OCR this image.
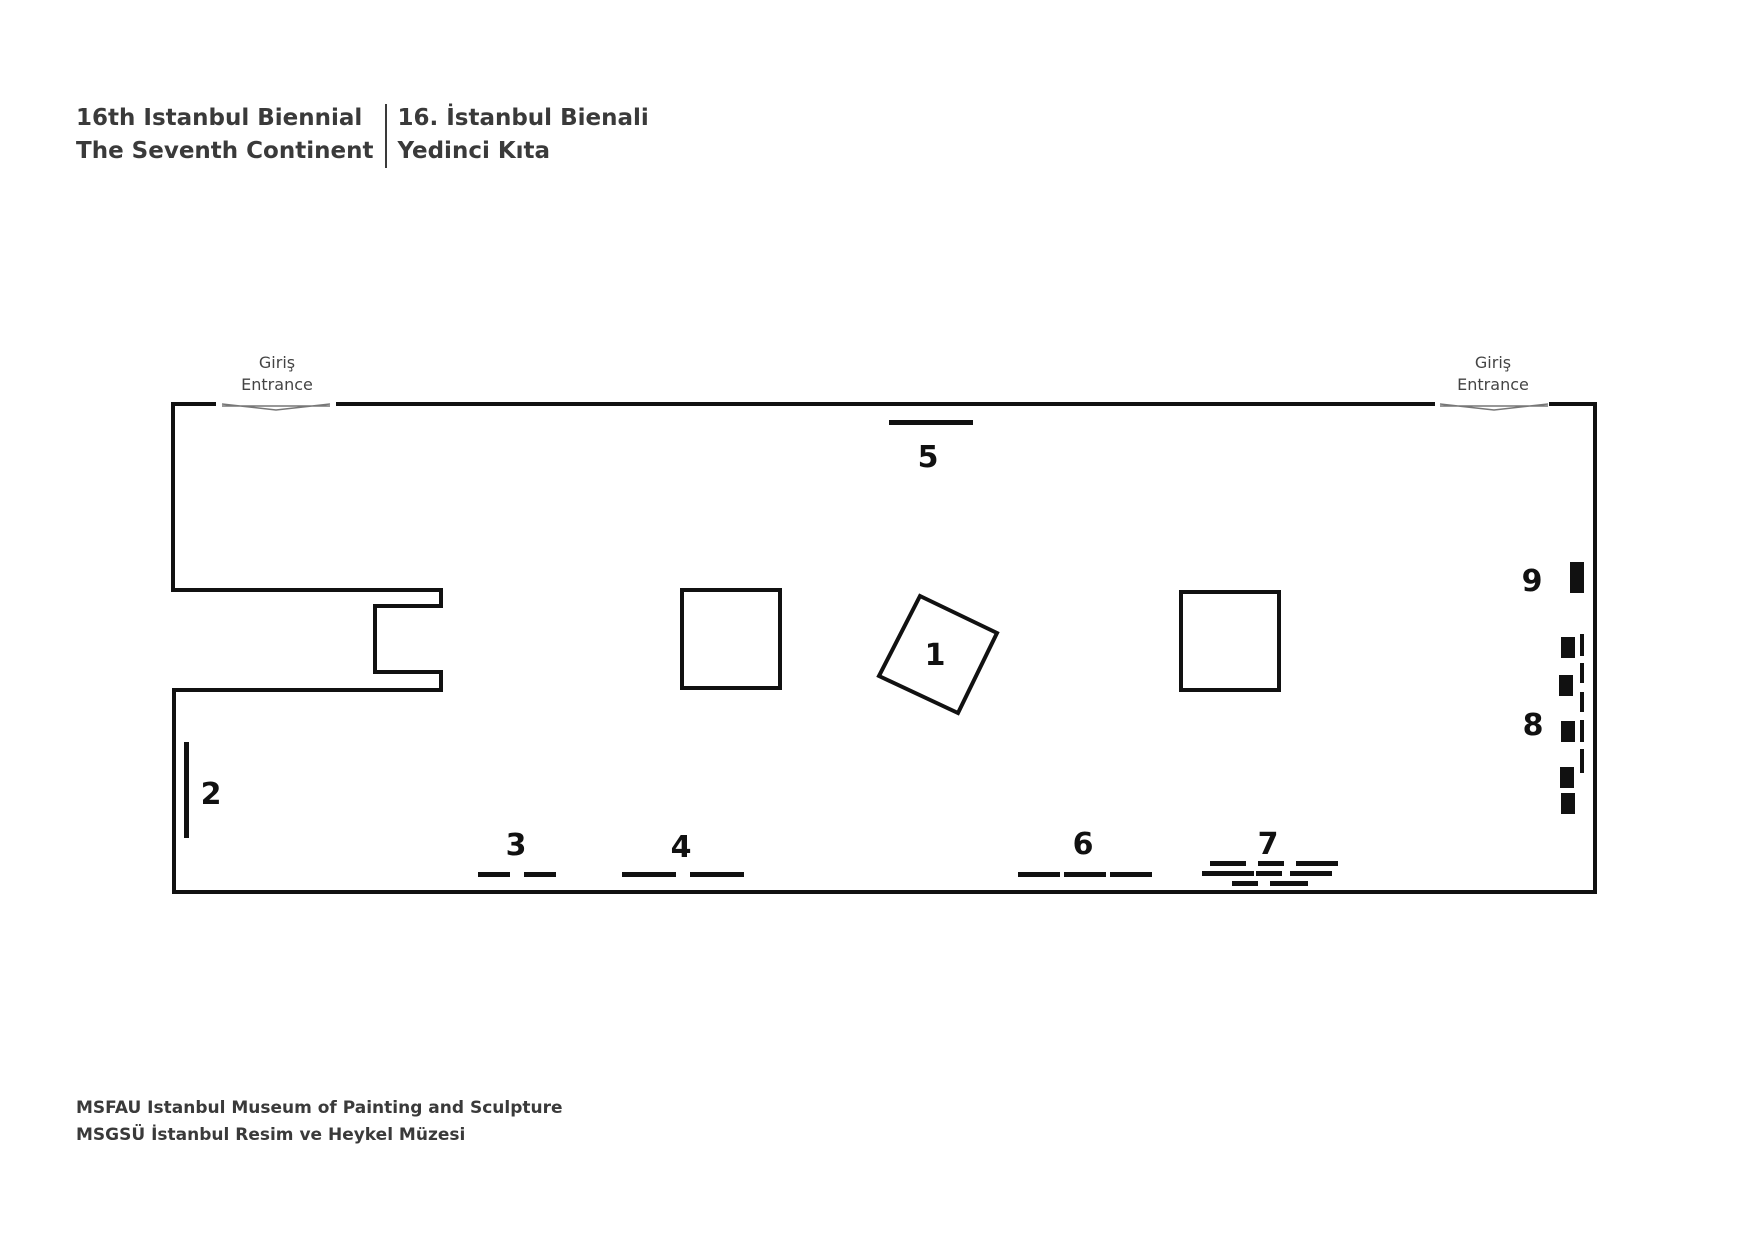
16th Istanbul Biennial
The Seventh Continent
16. İstanbul Bienali
Yedinci Kıta
Giriş
Entrance
Giriş
Entrance
1
2
3	4
5
6	7
8
9
MSFAU Istanbul Museum of Painting and Sculpture
MSGSÜ İstanbul Resim ve Heykel Müzesi
